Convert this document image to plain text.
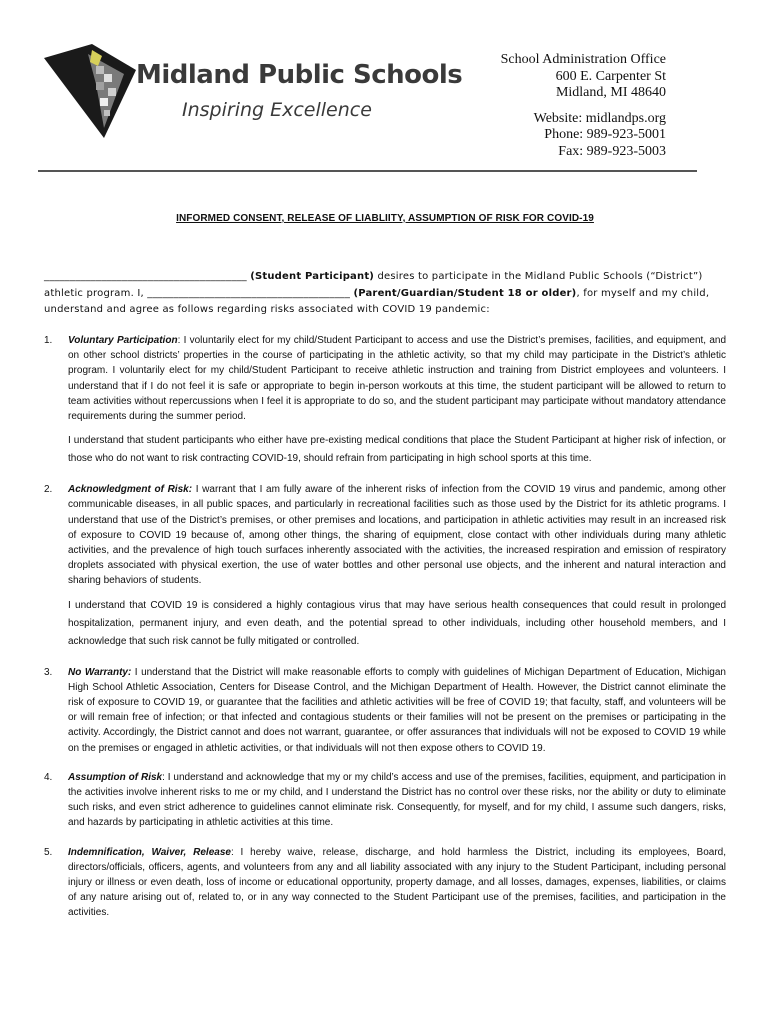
Midland Public Schools
Inspiring Excellence
School Administration Office
600 E. Carpenter St
Midland, MI 48640
Website: midlandps.org
Phone: 989-923-5001
Fax: 989-923-5003
INFORMED CONSENT, RELEASE OF LIABLIITY, ASSUMPTION OF RISK FOR COVID-19
_______________________________________ (Student Participant) desires to participate in the Midland Public Schools (“District”) athletic program. I, _______________________________________ (Parent/Guardian/Student 18 or older), for myself and my child, understand and agree as follows regarding risks associated with COVID 19 pandemic:
1.	Voluntary Participation: I voluntarily elect for my child/Student Participant to access and use the District’s premises, facilities, and equipment, and on other school districts’ properties in the course of participating in the athletic activity, so that my child may participate in the District’s athletic program. I voluntarily elect for my child/Student Participant to receive athletic instruction and training from District employees and volunteers. I understand that if I do not feel it is safe or appropriate to begin in-person workouts at this time, the student participant will be allowed to return to team activities without repercussions when I feel it is appropriate to do so, and the student participant may participate without mandatory attendance requirements during the summer period.

I understand that student participants who either have pre-existing medical conditions that place the Student Participant at higher risk of infection, or those who do not want to risk contracting COVID-19, should refrain from participating in high school sports at this time.

2.	Acknowledgment of Risk: I warrant that I am fully aware of the inherent risks of infection from the COVID 19 virus and pandemic, among other communicable diseases, in all public spaces, and particularly in recreational facilities such as those used by the District for its athletic programs. I understand that use of the District’s premises, or other premises and locations, and participation in athletic activities may result in an increased risk of exposure to COVID 19 because of, among other things, the sharing of equipment, close contact with other individuals during many athletic activities, and the prevalence of high touch surfaces inherently associated with the activities, the increased respiration and emission of respiratory droplets associated with physical exertion, the use of water bottles and other personal use objects, and the inherent and natural interaction and sharing behaviors of students.

I understand that COVID 19 is considered a highly contagious virus that may have serious health consequences that could result in prolonged hospitalization, permanent injury, and even death, and the potential spread to other individuals, including other household members, and I acknowledge that such risk cannot be fully mitigated or controlled.

3.	No Warranty: I understand that the District will make reasonable efforts to comply with guidelines of Michigan Department of Education, Michigan High School Athletic Association, Centers for Disease Control, and the Michigan Department of Health. However, the District cannot eliminate the risk of exposure to COVID 19, or guarantee that the facilities and athletic activities will be free of COVID 19; that faculty, staff, and volunteers will be or will remain free of infection; or that infected and contagious students or their families will not be present on the premises or participating in the activity. Accordingly, the District cannot and does not warrant, guarantee, or offer assurances that individuals will not be exposed to COVID 19 while on the premises or engaged in athletic activities, or that individuals will not then expose others to COVID 19.

4.	Assumption of Risk: I understand and acknowledge that my or my child’s access and use of the premises, facilities, equipment, and participation in the activities involve inherent risks to me or my child, and I understand the District has no control over these risks, nor the ability or duty to eliminate such risks, and even strict adherence to guidelines cannot eliminate risk. Consequently, for myself, and for my child, I assume such dangers, risks, and hazards by participating in athletic activities at this time.

5.	Indemnification, Waiver, Release: I hereby waive, release, discharge, and hold harmless the District, including its employees, Board, directors/officials, officers, agents, and volunteers from any and all liability associated with any injury to the Student Participant, including personal injury or illness or even death, loss of income or educational opportunity, property damage, and all losses, damages, expenses, liabilities, or claims of any nature arising out of, related to, or in any way connected to the Student Participant use of the premises, facilities, and participation in the activities.
